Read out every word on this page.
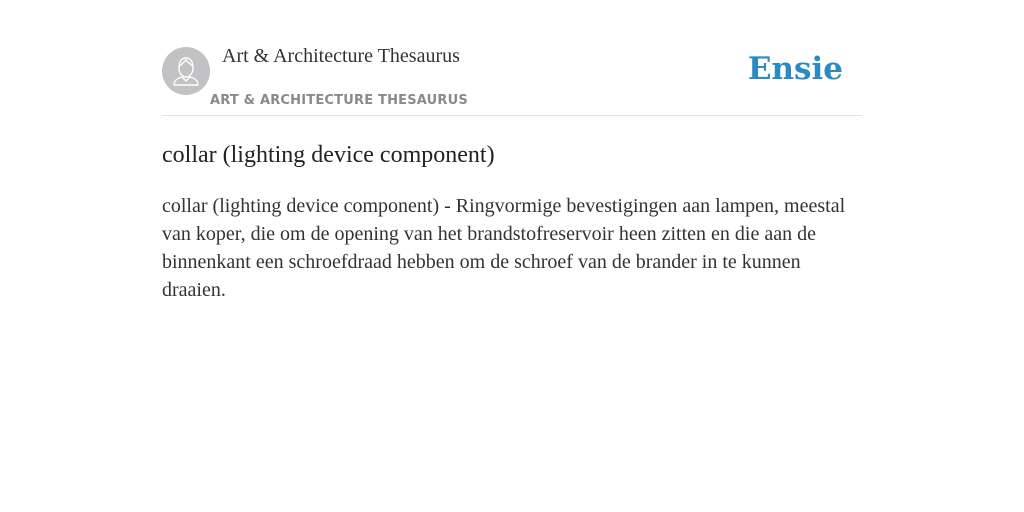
Art & Architecture Thesaurus
ART & ARCHITECTURE THESAURUS
Ensie
collar (lighting device component)

collar (lighting device component) - Ringvormige bevestigingen aan lampen, meestal van koper, die om de opening van het brandstofreservoir heen zitten en die aan de binnenkant een schroefdraad hebben om de schroef van de brander in te kunnen draaien.
